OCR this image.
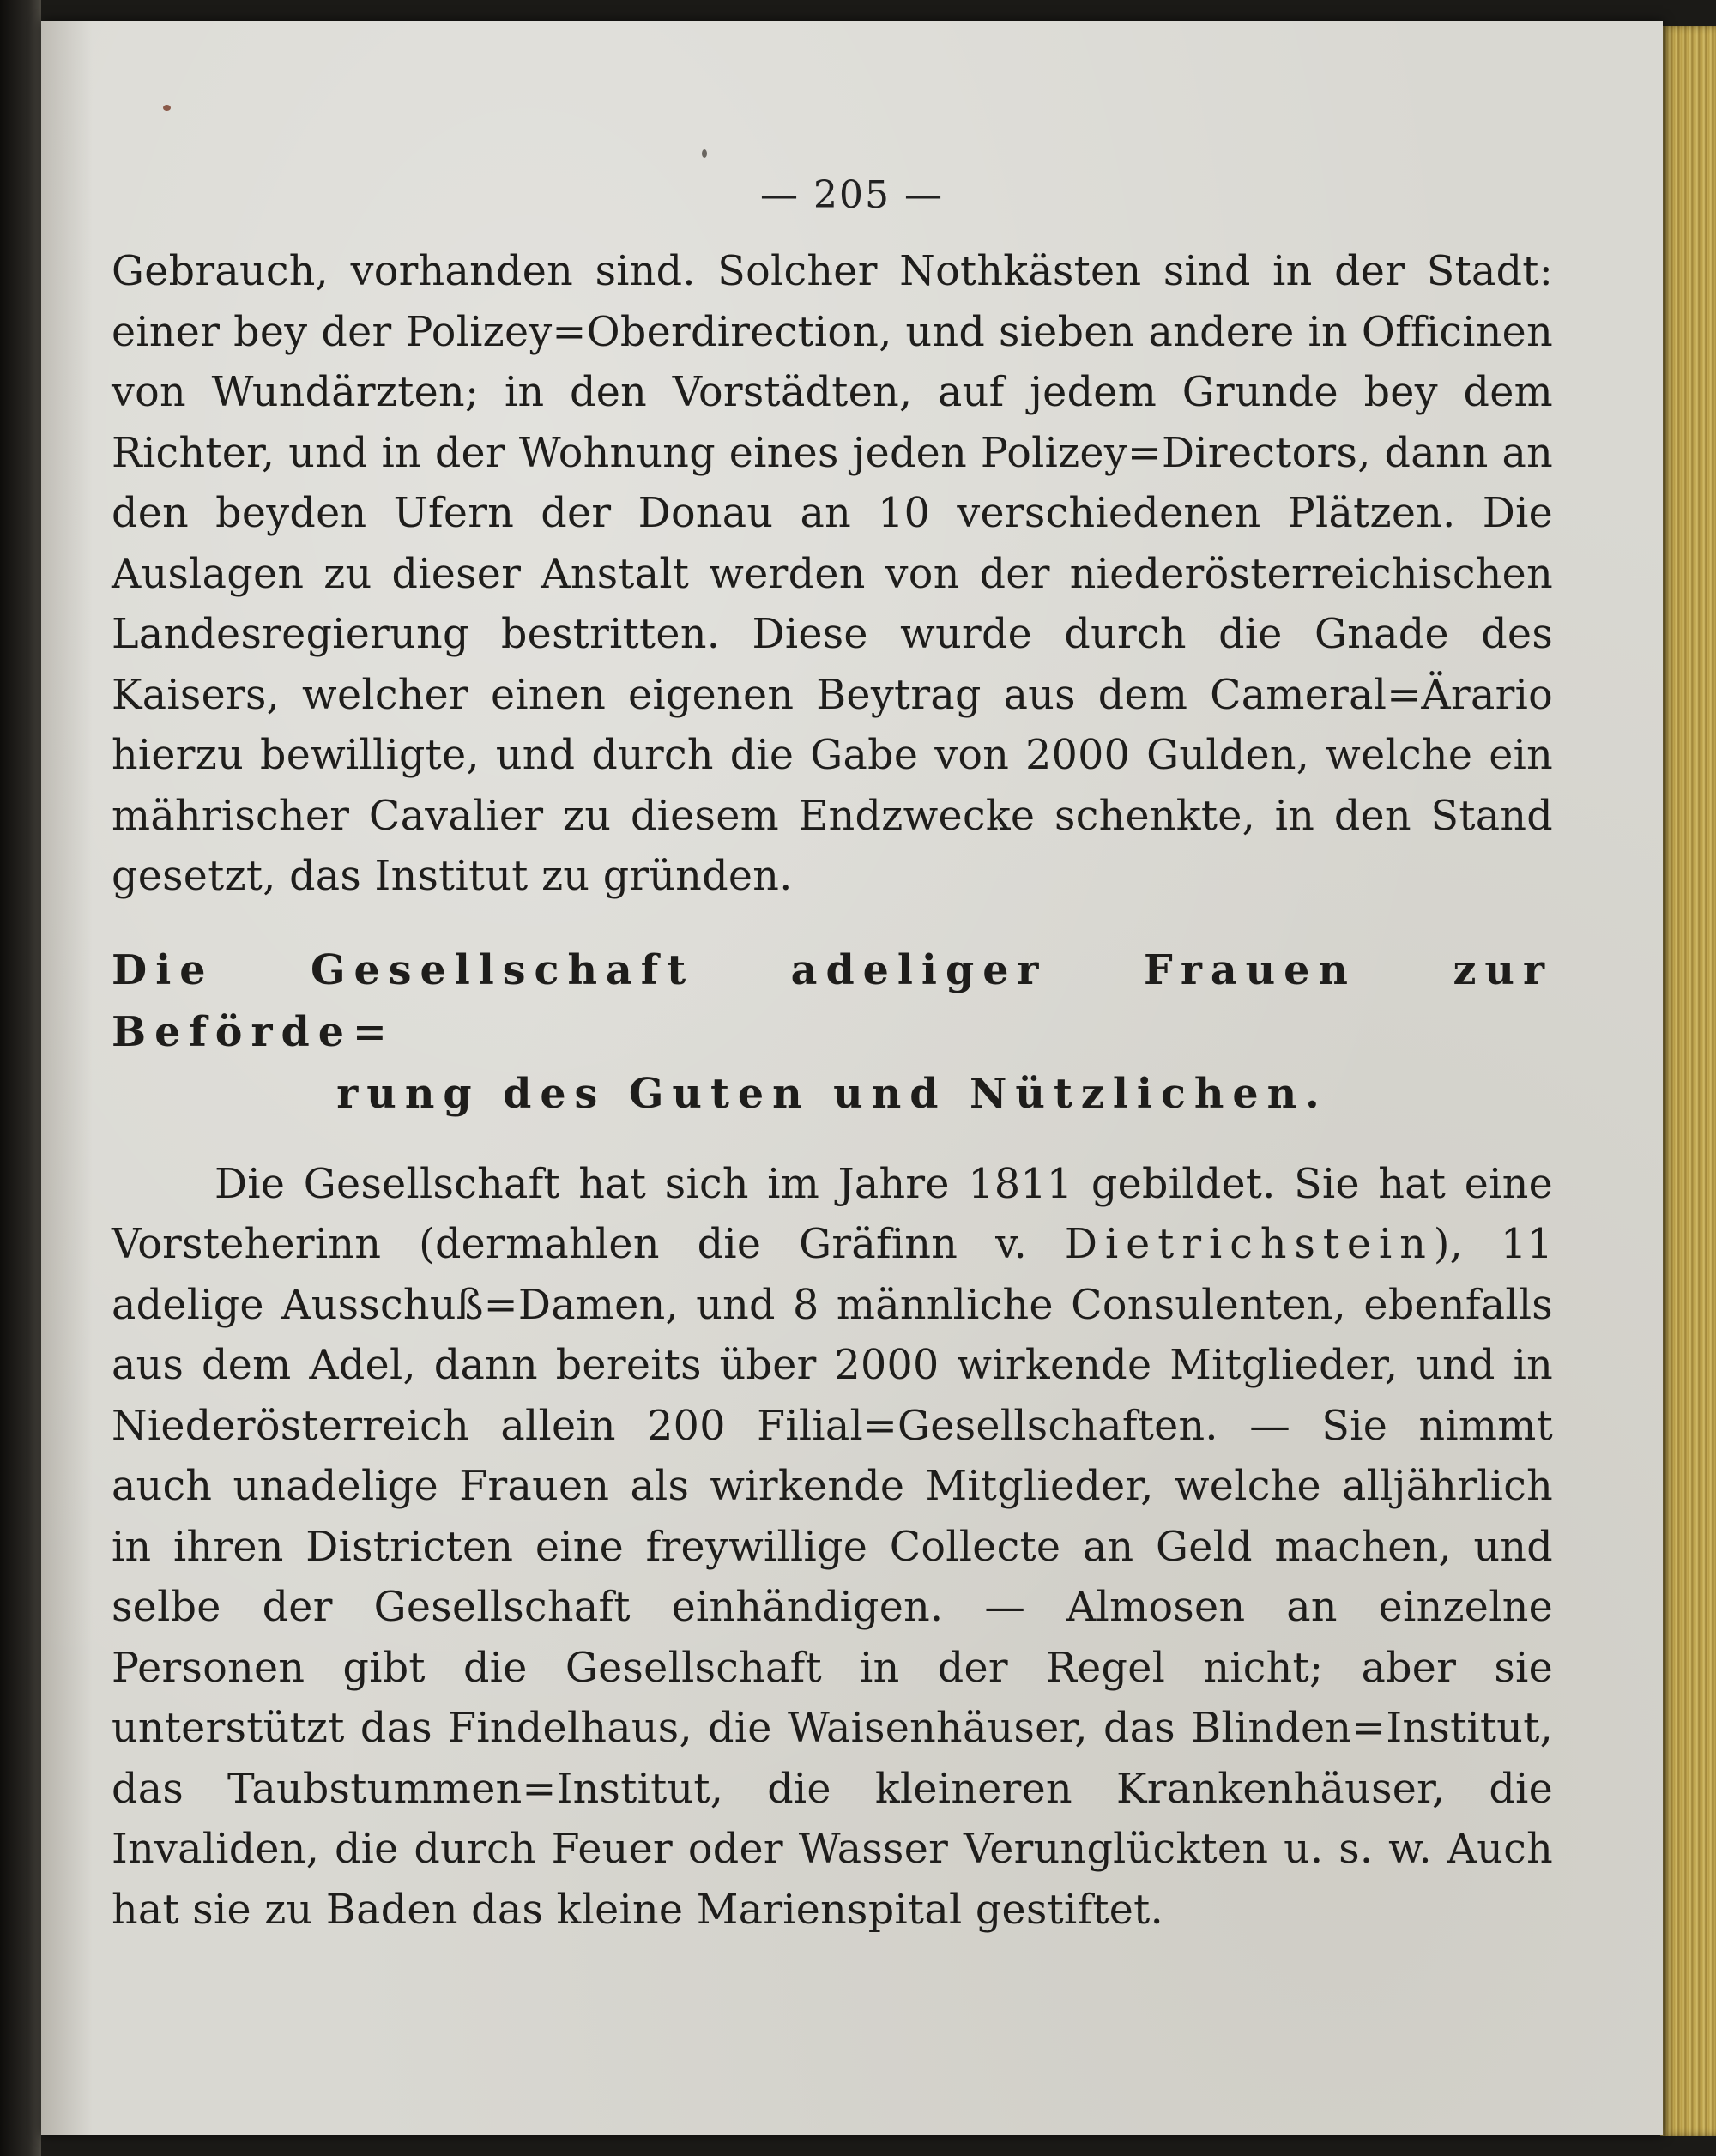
— 205 —

Gebrauch, vorhanden sind. Solcher Nothkästen sind in der Stadt: einer bey der Polizey=Oberdirection, und sieben andere in Officinen von Wundärzten; in den Vorstädten, auf jedem Grunde bey dem Richter, und in der Wohnung eines jeden Polizey=Directors, dann an den beyden Ufern der Donau an 10 verschiedenen Plätzen. Die Auslagen zu dieser Anstalt werden von der niederösterreichischen Landesregierung bestritten. Diese wurde durch die Gnade des Kaisers, welcher einen eigenen Beytrag aus dem Cameral=Ärario hierzu bewilligte, und durch die Gabe von 2000 Gulden, welche ein mährischer Cavalier zu diesem Endzwecke schenkte, in den Stand gesetzt, das Institut zu gründen.

Die Gesellschaft adeliger Frauen zur Beförde=
rung des Guten und Nützlichen.

Die Gesellschaft hat sich im Jahre 1811 gebildet. Sie hat eine Vorsteherinn (dermahlen die Gräfinn v. Dietrichstein), 11 adelige Ausschuß=Damen, und 8 männliche Consulenten, ebenfalls aus dem Adel, dann bereits über 2000 wirkende Mitglieder, und in Niederösterreich allein 200 Filial=Gesellschaften. — Sie nimmt auch unadelige Frauen als wirkende Mitglieder, welche alljährlich in ihren Districten eine freywillige Collecte an Geld machen, und selbe der Gesellschaft einhändigen. — Almosen an einzelne Personen gibt die Gesellschaft in der Regel nicht; aber sie unterstützt das Findelhaus, die Waisenhäuser, das Blinden=Institut, das Taubstummen=Institut, die kleineren Krankenhäuser, die Invaliden, die durch Feuer oder Wasser Verunglückten u. s. w. Auch hat sie zu Baden das kleine Marienspital gestiftet.
